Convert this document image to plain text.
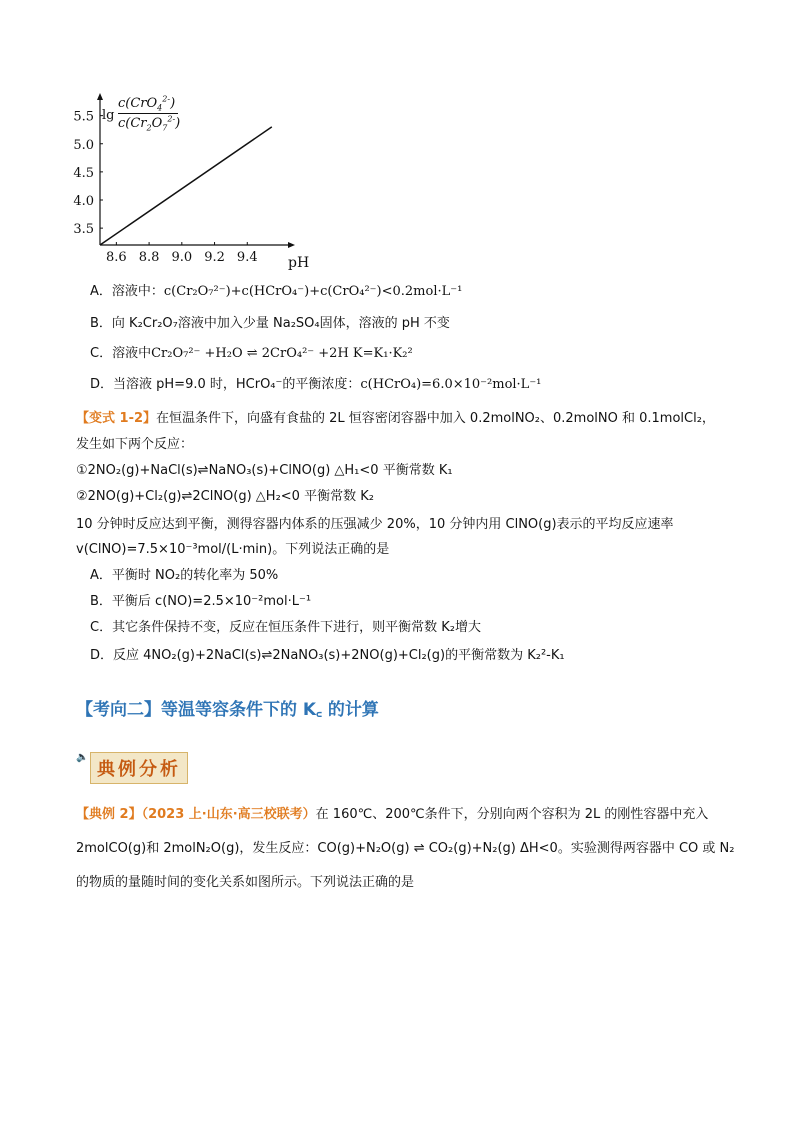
8.6 8.8 9.0 9.2 9.4
3.5
4.0
4.5
5.0
5.5
pH
lg
c(CrO$_4^{2-}$)
$c(Cr_2O_7^{2-})$
A．溶液中：c(Cr₂O₇²⁻)+c(HCrO₄⁻)+c(CrO₄²⁻)<0.2mol·L⁻¹
B．向 K₂Cr₂O₇溶液中加入少量 Na₂SO₄固体，溶液的 pH 不变
C．溶液中Cr₂O₇²⁻ +H₂O ⇌ 2CrO₄²⁻ +2H K=K₁·K₂²
D．当溶液 pH=9.0 时，HCrO₄⁻的平衡浓度：c(HCrO₄)=6.0×10⁻²mol·L⁻¹
【变式 1-2】在恒温条件下，向盛有食盐的 2L 恒容密闭容器中加入 0.2molNO₂、0.2molNO 和 0.1molCl₂，
发生如下两个反应：
①2NO₂(g)+NaCl(s)⇌NaNO₃(s)+ClNO(g) △H₁<0 平衡常数 K₁
②2NO(g)+Cl₂(g)⇌2ClNO(g) △H₂<0 平衡常数 K₂
10 分钟时反应达到平衡，测得容器内体系的压强减少 20%，10 分钟内用 ClNO(g)表示的平均反应速率
v(ClNO)=7.5×10⁻³mol/(L·min)。下列说法正确的是
A．平衡时 NO₂的转化率为 50%
B．平衡后 c(NO)=2.5×10⁻²mol·L⁻¹
C．其它条件保持不变，反应在恒压条件下进行，则平衡常数 K₂增大
D．反应 4NO₂(g)+2NaCl(s)⇌2NaNO₃(s)+2NO(g)+Cl₂(g)的平衡常数为 K₂²-K₁
【考向二】等温等容条件下的 K꜀ 的计算
🔈
典例分析
【典例 2】（2023 上·山东·高三校联考）在 160℃、200℃条件下，分别向两个容积为 2L 的刚性容器中充入
2molCO(g)和 2molN₂O(g)，发生反应：CO(g)+N₂O(g) ⇌ CO₂(g)+N₂(g) ΔH<0。实验测得两容器中 CO 或 N₂
的物质的量随时间的变化关系如图所示。下列说法正确的是
